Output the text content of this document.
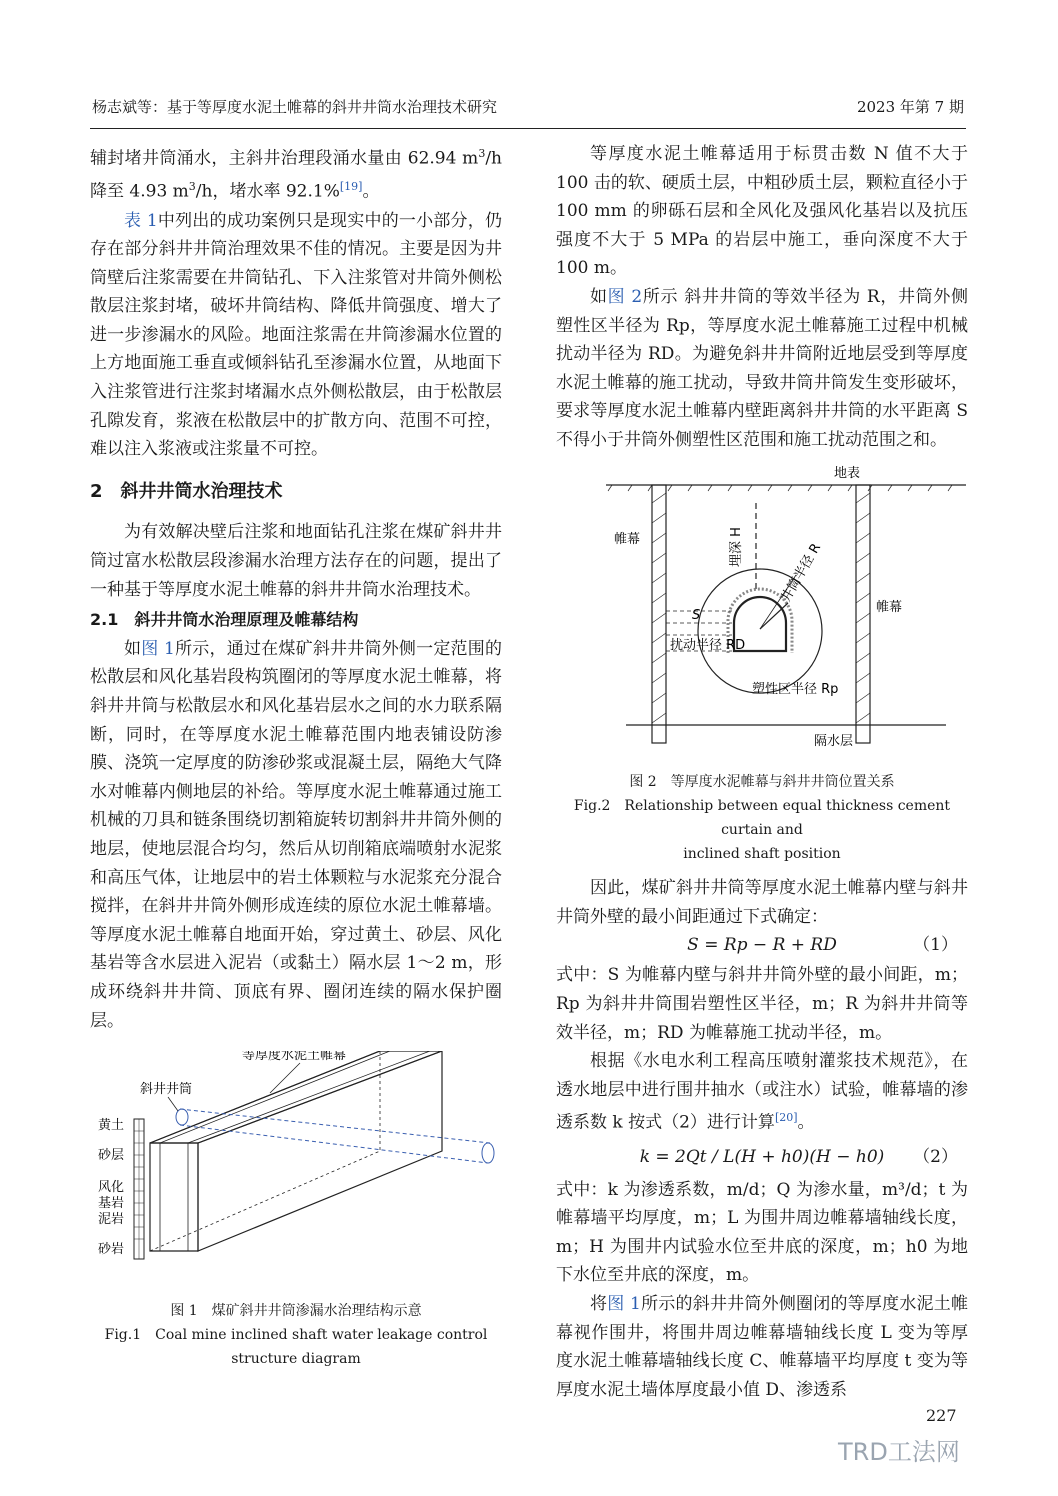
杨志斌等：基于等厚度水泥土帷幕的斜井井筒水治理技术研究	2023 年第 7 期

辅封堵井筒涌水，主斜井治理段涌水量由 62.94 $m^3/h$ 降至 4.93 $m^3/h$，堵水率 92.1%[19]。

表 1中列出的成功案例只是现实中的一小部分，仍存在部分斜井井筒治理效果不佳的情况。主要是因为井筒壁后注浆需要在井筒钻孔、下入注浆管对井筒外侧松散层注浆封堵，破坏井筒结构、降低井筒强度、增大了进一步渗漏水的风险。地面注浆需在井筒渗漏水位置的上方地面施工垂直或倾斜钻孔至渗漏水位置，从地面下入注浆管进行注浆封堵漏水点外侧松散层，由于松散层孔隙发育，浆液在松散层中的扩散方向、范围不可控，难以注入浆液或注浆量不可控。

2　斜井井筒水治理技术

为有效解决壁后注浆和地面钻孔注浆在煤矿斜井井筒过富水松散层段渗漏水治理方法存在的问题，提出了一种基于等厚度水泥土帷幕的斜井井筒水治理技术。

2.1　斜井井筒水治理原理及帷幕结构

如图 1所示，通过在煤矿斜井井筒外侧一定范围的松散层和风化基岩段构筑圈闭的等厚度水泥土帷幕，将斜井井筒与松散层水和风化基岩层水之间的水力联系隔断，同时，在等厚度水泥土帷幕范围内地表铺设防渗膜、浇筑一定厚度的防渗砂浆或混凝土层，隔绝大气降水对帷幕内侧地层的补给。等厚度水泥土帷幕通过施工机械的刀具和链条围绕切割箱旋转切割斜井井筒外侧的地层，使地层混合均匀，然后从切削箱底端喷射水泥浆和高压气体，让地层中的岩土体颗粒与水泥浆充分混合搅拌，在斜井井筒外侧形成连续的原位水泥土帷幕墙。等厚度水泥土帷幕自地面开始，穿过黄土、砂层、风化基岩等含水层进入泥岩（或黏土）隔水层 1～2 m，形成环绕斜井井筒、顶底有界、圈闭连续的隔水保护圈层。

等厚度水泥土帷幕
斜井井筒
黄土
砂层
风化
基岩
泥岩
砂岩
图 1　煤矿斜井井筒渗漏水治理结构示意
Fig.1　Coal mine inclined shaft water leakage control
structure diagram

等厚度水泥土帷幕适用于标贯击数 N 值不大于 100 击的软、硬质土层，中粗砂质土层，颗粒直径小于 100 mm 的卵砾石层和全风化及强风化基岩以及抗压强度不大于 5 MPa 的岩层中施工，垂向深度不大于 100 m。

如图 2所示 斜井井筒的等效半径为 R，井筒外侧塑性区半径为 Rp，等厚度水泥土帷幕施工过程中机械扰动半径为 RD。为避免斜井井筒附近地层受到等厚度水泥土帷幕的施工扰动，导致井筒井筒发生变形破坏，要求等厚度水泥土帷幕内壁距离斜井井筒的水平距离 S 不得小于井筒外侧塑性区范围和施工扰动范围之和。

地表
帷幕
帷幕
埋深 H	井筒半径 R
S
扰动半径 RD
塑性区半径 Rp
隔水层
图 2　等厚度水泥帷幕与斜井井筒位置关系
Fig.2　Relationship between equal thickness cement curtain and
inclined shaft position

因此，煤矿斜井井筒等厚度水泥土帷幕内壁与斜井井筒外壁的最小间距通过下式确定：

S = Rp − R + RD	（1）

式中：S 为帷幕内壁与斜井井筒外壁的最小间距，m；Rp 为斜井井筒围岩塑性区半径，m；R 为斜井井筒等效半径，m；RD 为帷幕施工扰动半径，m。

根据《水电水利工程高压喷射灌浆技术规范》，在透水地层中进行围井抽水（或注水）试验，帷幕墙的渗透系数 k 按式（2）进行计算[20]。

k = 2Qt / L(H + h0)(H − h0)	（2）

式中：k 为渗透系数，m/d；Q 为渗水量，m³/d；t 为帷幕墙平均厚度，m；L 为围井周边帷幕墙轴线长度，m；H 为围井内试验水位至井底的深度，m；h0 为地下水位至井底的深度，m。

将图 1所示的斜井井筒外侧圈闭的等厚度水泥土帷幕视作围井，将围井周边帷幕墙轴线长度 L 变为等厚度水泥土帷幕墙轴线长度 C、帷幕墙平均厚度 t 变为等厚度水泥土墙体厚度最小值 D、渗透系

227
TRD工法网
